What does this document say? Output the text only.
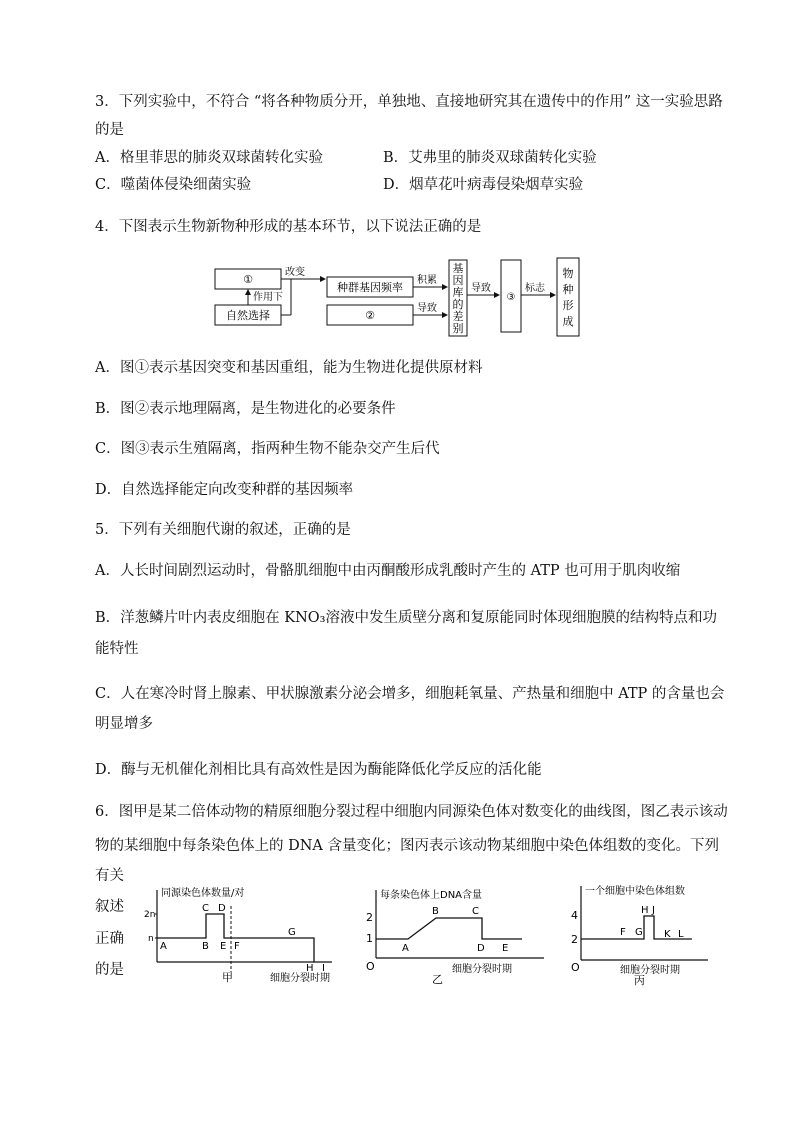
3．下列实验中，不符合 “将各种物质分开，单独地、直接地研究其在遗传中的作用” 这一实验思路
的是
A．格里菲思的肺炎双球菌转化实验	B．艾弗里的肺炎双球菌转化实验
C．噬菌体侵染细菌实验	D．烟草花叶病毒侵染烟草实验
4．下图表示生物新物种形成的基本环节，以下说法正确的是
①
自然选择
作用下
改变
种群基因频率
②
积累
导致
基
因
库
的
差
别
导致
③
标志
物
种
形
成
A．图①表示基因突变和基因重组，能为生物进化提供原材料
B．图②表示地理隔离，是生物进化的必要条件
C．图③表示生殖隔离，指两种生物不能杂交产生后代
D．自然选择能定向改变种群的基因频率
5．下列有关细胞代谢的叙述，正确的是
A．人长时间剧烈运动时，骨骼肌细胞中由丙酮酸形成乳酸时产生的 ATP 也可用于肌肉收缩
B．洋葱鳞片叶内表皮细胞在 KNO₃溶液中发生质壁分离和复原能同时体现细胞膜的结构特点和功
能特性
C．人在寒冷时肾上腺素、甲状腺激素分泌会增多，细胞耗氧量、产热量和细胞中 ATP 的含量也会
明显增多
D．酶与无机催化剂相比具有高效性是因为酶能降低化学反应的活化能
6．图甲是某二倍体动物的精原细胞分裂过程中细胞内同源染色体对数变化的曲线图，图乙表示该动
物的某细胞中每条染色体上的 DNA 含量变化；图丙表示该动物某细胞中染色体组数的变化。下列
有关
叙述
正确
的是
同源染色体数量/对
2n
n
A	B
C D
E F
G
H I
甲	细胞分裂时期
每条染色体上DNA含量
2
1
A
B	C
D E
O	细胞分裂时期
乙
一个细胞中染色体组数
4
2
F G
H J
K L
O	细胞分裂时期
丙
